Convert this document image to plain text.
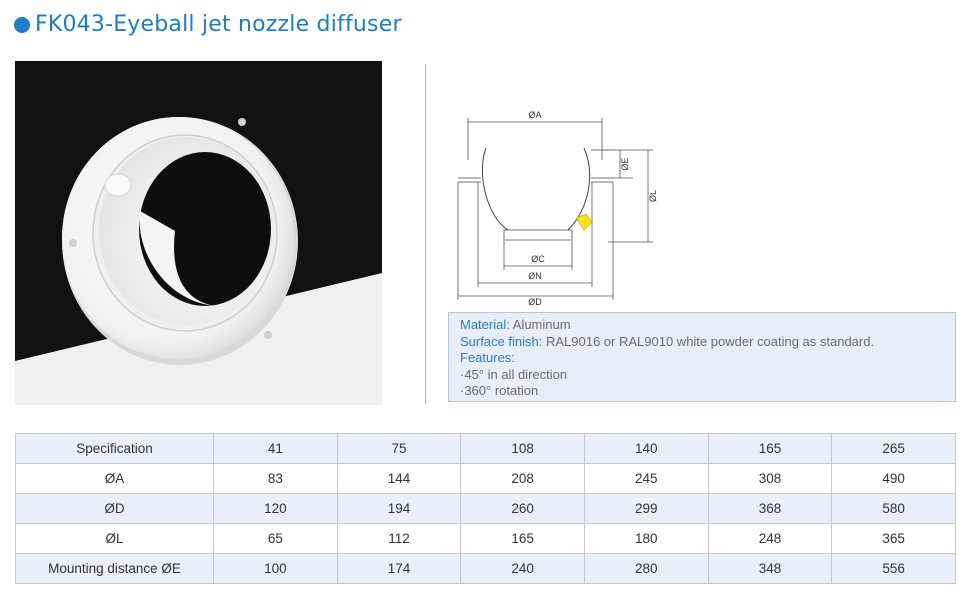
FK043-Eyeball jet nozzle diffuser
ØA
ØE
ØL
ØC
ØN
ØD
Material: Aluminum
Surface finish: RAL9016 or RAL9010 white powder coating as standard.
Features:
·45° in all direction
·360° rotation
Specification	41	75	108	140	165	265
ØA	83	144	208	245	308	490
ØD	120	194	260	299	368	580
ØL	65	112	165	180	248	365
Mounting distance ØE	100	174	240	280	348	556
